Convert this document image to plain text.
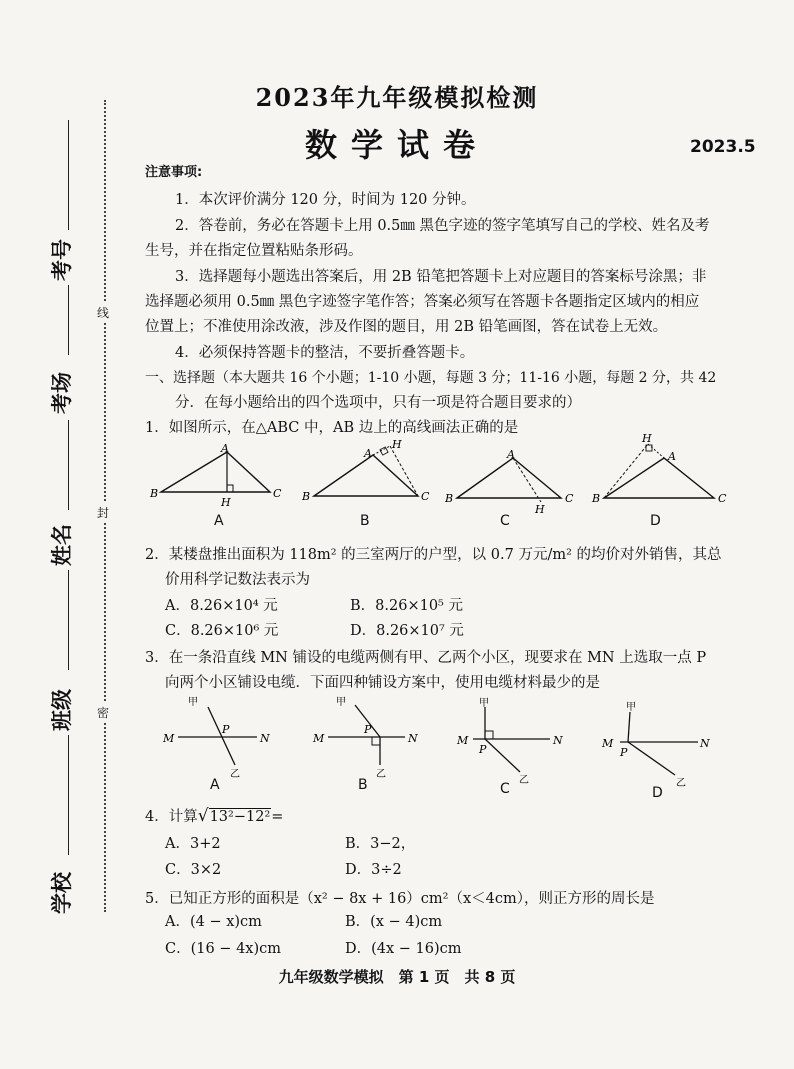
考号
考场
姓名
班级
学校
线
封
密
2023年九年级模拟检测
数学试卷	2023.5
注意事项:
1．本次评价满分 120 分，时间为 120 分钟。
2．答卷前，务必在答题卡上用 0.5㎜ 黑色字迹的签字笔填写自己的学校、姓名及考
生号，并在指定位置粘贴条形码。
3．选择题每小题选出答案后，用 2B 铅笔把答题卡上对应题目的答案标号涂黑；非
选择题必须用 0.5㎜ 黑色字迹签字笔作答；答案必须写在答题卡各题指定区域内的相应
位置上；不准使用涂改液，涉及作图的题目，用 2B 铅笔画图，答在试卷上无效。
4．必须保持答题卡的整洁，不要折叠答题卡。
一、选择题（本大题共 16 个小题；1-10 小题，每题 3 分；11-16 小题，每题 2 分，共 42
分．在每小题给出的四个选项中，只有一项是符合题目要求的）
1．如图所示，在△ABC 中，AB 边上的高线画法正确的是
A
B	C
H
A
A
H
B	C
B
A
B	C
H
C
H
A
B	C
D
2．某楼盘推出面积为 118m² 的三室两厅的户型，以 0.7 万元/m² 的均价对外销售，其总
价用科学记数法表示为
A．8.26×10⁴ 元	B．8.26×10⁵ 元
C．8.26×10⁶ 元	D．8.26×10⁷ 元
3．在一条沿直线 MN 铺设的电缆两侧有甲、乙两个小区，现要求在 MN 上选取一点 P
向两个小区铺设电缆．下面四种铺设方案中，使用电缆材料最少的是
甲
M
P
N
乙
A
甲
M
P
N
乙
B
甲
M
P
N
乙
C
甲
M
P
N
乙
D
4．计算√13²−12²=
A．3+2	B．3−2，
C．3×2	D．3÷2
5．已知正方形的面积是（x² − 8x + 16）cm²（x＜4cm），则正方形的周长是
A．(4 − x)cm	B．(x − 4)cm
C．(16 − 4x)cm	D．(4x − 16)cm
九年级数学模拟　第 1 页　共 8 页
